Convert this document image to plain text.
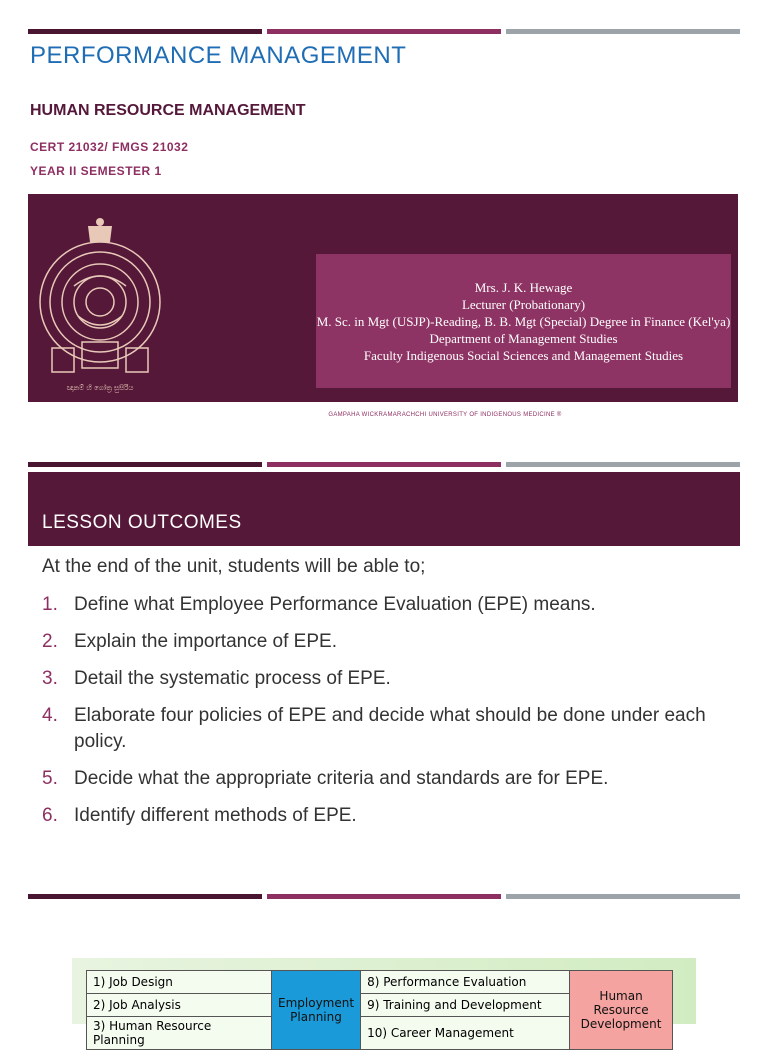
PERFORMANCE MANAGEMENT
HUMAN RESOURCE MANAGEMENT
CERT 21032/ FMGS 21032
YEAR II SEMESTER 1
ඥානම් හි ගෝත්‍ර සුසිරිය
Mrs. J. K. Hewage
Lecturer (Probationary)
M. Sc. in Mgt (USJP)-Reading, B. B. Mgt (Special) Degree in Finance (Kel'ya)
Department of Management Studies
Faculty Indigenous Social Sciences and Management Studies
GAMPAHA WICKRAMARACHCHI UNIVERSITY OF INDIGENOUS MEDICINE ®
LESSON OUTCOMES
At the end of the unit, students will be able to;
1. Define what Employee Performance Evaluation (EPE) means.
2. Explain the importance of EPE.
3. Detail the systematic process of EPE.
4. Elaborate four policies of EPE and decide what should be done under each policy.
5. Decide what the appropriate criteria and standards are for EPE.
6. Identify different methods of EPE.
1) Job Design	Employment Planning	8) Performance Evaluation	Human Resource Development
2) Job Analysis		9) Training and Development	
3) Human Resource Planning		10) Career Management	
